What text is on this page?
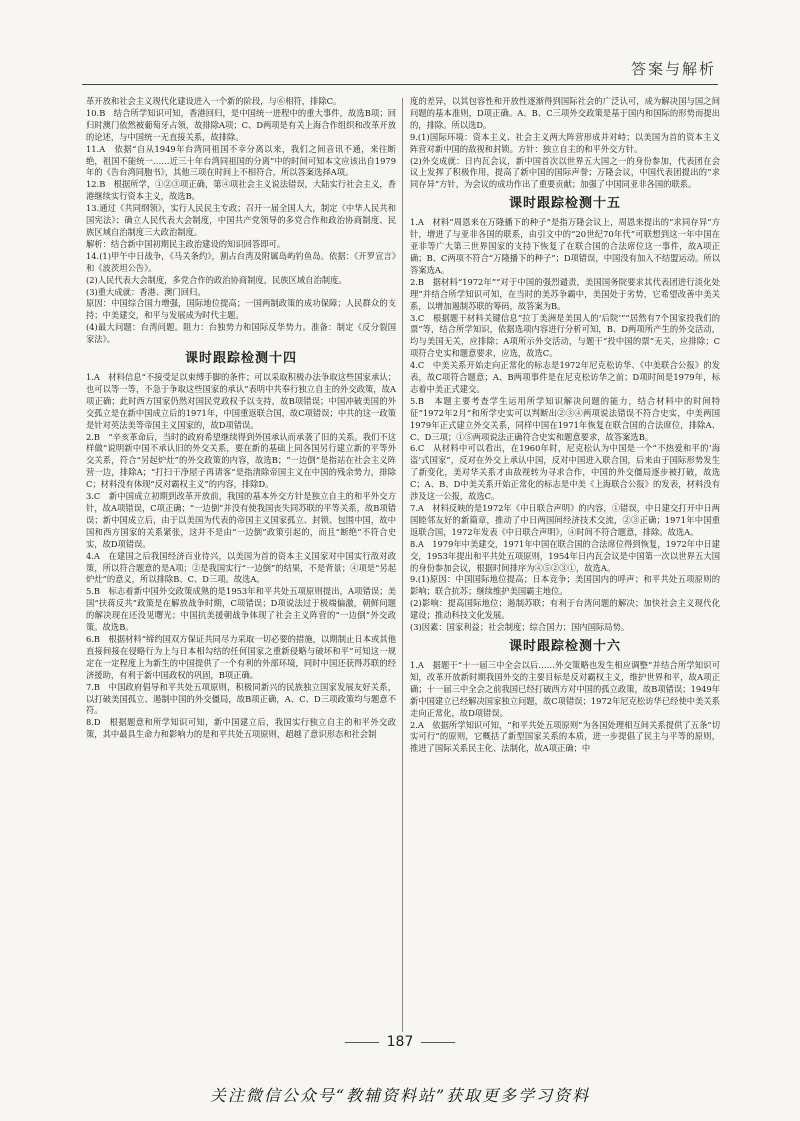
答案与解析
革开放和社会主义现代化建设进入一个新的阶段，与⑥相符，排除C。
10.B　结合所学知识可知，香港回归，是中国统一进程中的重大事件，故选B项；回归时澳门依然被葡萄牙占领，故排除A项；C、D两项是有关上海合作组织和改革开放的论述，与中国统一无直接关系，故排除。
11.A　依据“自从1949年台湾同祖国不幸分离以来，我们之间音讯不通，来往断绝，祖国不能统一……近三十年台湾同祖国的分离”中的时间可知本文应该出自1979年的《告台湾同胞书》，其他三项在时间上不相符合，所以答案选择A项。
12.B　根据所学，①②③项正确，第④项社会主义说法错误，大陆实行社会主义，香港继续实行资本主义，故选B。
13.通过《共同纲领》，实行人民民主专政；召开一届全国人大，制定《中华人民共和国宪法》；确立人民代表大会制度，中国共产党领导的多党合作和政治协商制度、民族区域自治制度三大政治制度。
解析：结合新中国初期民主政治建设的知识回答即可。
14.(1)甲午中日战争，《马关条约》，割占台湾及附属岛屿钓鱼岛。依据：《开罗宣言》和《波茨坦公告》。
(2)人民代表大会制度，多党合作的政治协商制度，民族区域自治制度。
(3)重大成就：香港、澳门回归。
原因：中国综合国力增强，国际地位提高；一国两制政策的成功保障；人民群众的支持；中美建交，和平与发展成为时代主题。
(4)最大问题：台湾问题。阻力：台独势力和国际反华势力。准备：制定《反分裂国家法》。
课时跟踪检测十四
1.A　材料信息“不接受足以束缚手脚的条件；可以采取积极办法争取这些国家承认；也可以等一等，不急于争取这些国家的承认”表明中共奉行独立自主的外交政策，故A项正确；此时西方国家仍然对国民党政权予以支持，故B项错误；中国冲破美国的外交孤立是在新中国成立后的1971年，中国重返联合国，故C项错误；中共的这一政策是针对英法美等帝国主义国家的，故D项错误。
2.B　“辛亥革命后，当时的政府希望继续得到外国承认而承袭了旧的关系。我们不这样做”说明新中国不承认旧的外交关系，要在新的基础上同各国另行建立新的平等外交关系，符合“另起炉灶”的外交政策的内容，故选B；“一边倒”是指站在社会主义阵营一边，排除A；“打扫干净屋子再请客”是指清除帝国主义在中国的残余势力，排除C；材料没有体现“反对霸权主义”的内容，排除D。
3.C　新中国成立初期到改革开放前，我国的基本外交方针是独立自主的和平外交方针，故A项错误，C项正确；“一边倒”并没有使我国丧失同苏联的平等关系，故B项错误；新中国成立后，由于以美国为代表的帝国主义国家孤立、封锁、包围中国，故中国和西方国家的关系紧张，这并不是由“一边倒”政策引起的，而且“断绝”不符合史实，故D项错误。
4.A　在建国之后我国经济百业待兴，以美国为首的资本主义国家对中国实行敌对政策，所以符合题意的是A项；②是我国实行“一边倒”的结果，不是背景；④项是“另起炉灶”的意义，所以排除B、C、D三项。故选A。
5.B　标志着新中国外交政策成熟的是1953年和平共处五项原则提出，A项错误；美国“扶蒋反共”政策是在解放战争时期，C项错误；D项说法过于极端偏激，朝鲜问题的解决现在还没见曙光；中国抗美援朝战争体现了社会主义阵营的“一边倒”外交政策。故选B。
6.B　根据材料“缔约国双方保证共同尽力采取一切必要的措施，以期制止日本或其他直接间接在侵略行为上与日本相勾结的任何国家之重新侵略与破坏和平”可知这一规定在一定程度上为新生的中国提供了一个有利的外部环境，同时中国还获得苏联的经济援助，有利于新中国政权的巩固，B项正确。
7.B　中国政府倡导和平共处五项原则，积极同新兴的民族独立国家发展友好关系，以打破美国孤立、遏制中国的外交僵局，故B项正确，A、C、D三项政策均与题意不符。
8.D　根据题意和所学知识可知，新中国建立后，我国实行独立自主的和平外交政策，其中最具生命力和影响力的是和平共处五项原则，超越了意识形态和社会制
度的差异，以其包容性和开放性逐渐得到国际社会的广泛认可，成为解决国与国之间问题的基本准则，D项正确。A、B、C三项外交政策是基于国内和国际的形势而提出的，排除。所以选D。
9.(1)国际环境：资本主义、社会主义两大阵营形成并对峙；以美国为首的资本主义阵营对新中国的敌视和封锁。方针：独立自主的和平外交方针。
(2)外交成就：日内瓦会议，新中国首次以世界五大国之一的身份参加，代表团在会议上发挥了积极作用，提高了新中国的国际声誉；万隆会议，中国代表团提出的“求同存异”方针，为会议的成功作出了重要贡献；加强了中国同亚非各国的联系。
课时跟踪检测十五
1.A　材料“周恩来在万隆播下的种子”是指万隆会议上，周恩来提出的“求同存异”方针，增进了与亚非各国的联系，由引文中的“20世纪70年代”可联想到这一年中国在亚非等广大第三世界国家的支持下恢复了在联合国的合法席位这一事件，故A项正确；B、C两项不符合“万隆播下的种子”；D项错误，中国没有加入不结盟运动。所以答案选A。
2.B　据材料“1972年”“对于中国的强烈谴责，美国国务院要求其代表团进行淡化处理”并结合所学知识可知，在当时的美苏争霸中，美国处于劣势，它希望改善中美关系，以增加遏制苏联的筹码，故答案为B。
3.C　根据题干材料关键信息“拉丁美洲是美国人的‘后院’”“居然有7个国家投我们的票”等，结合所学知识，依据选项内容进行分析可知，B、D两项所产生的外交活动，均与美国无关，应排除；A项所示外交活动，与题干“投中国的票”无关，应排除；C项符合史实和题意要求，应选，故选C。
4.C　中美关系开始走向正常化的标志是1972年尼克松访华、《中美联合公报》的发表，故C项符合题意；A、B两项事件是在尼克松访华之前；D项时间是1979年，标志着中美正式建交。
5.B　本题主要考查学生运用所学知识解决问题的能力，结合材料中的时间特征“1972年2月”和所学史实可以判断出②③④两项说法错误不符合史实，中美两国1979年正式建立外交关系，同样中国在1971年恢复在联合国的合法席位，排除A、C、D三项；①⑤两项说法正确符合史实和题意要求，故答案选B。
6.C　从材料中可以看出，在1960年时，尼克松认为中国是一个“不热爱和平的‘海盗’式国家”，反对在外交上承认中国，反对中国进入联合国，后来由于国际形势发生了新变化，美对华关系才由敌视转为寻求合作，中国的外交僵局逐步被打破，故选C；A、B、D中美关系开始正常化的标志是中美《上海联合公报》的发表，材料没有涉及这一公报，故选C。
7.A　材料反映的是1972年《中日联合声明》的内容，①错误，中日建交打开中日两国睦邻友好的新篇章，推动了中日两国间经济技术交流，②③正确；1971年中国重返联合国，1972年发表《中日联合声明》，④时间不符合题意，排除。故选A。
8.A　1979年中美建交，1971年中国在联合国的合法席位得到恢复，1972年中日建交，1953年提出和平共处五项原则，1954年日内瓦会议是中国第一次以世界五大国的身份参加会议，根据时间排序为④⑤②③①，故选A。
9.(1)原因：中国国际地位提高；日本竞争；美国国内的呼声；和平共处五项原则的影响；联合抗苏；继续维护美国霸主地位。
(2)影响：提高国际地位；遏制苏联；有利于台湾问题的解决；加快社会主义现代化建设；推动科技文化发展。
(3)因素：国家利益；社会制度；综合国力；国内国际局势。
课时跟踪检测十六
1.A　据题干“十一届三中全会以后……外交策略也发生相应调整”并结合所学知识可知，改革开放新时期我国外交的主要目标是反对霸权主义，维护世界和平，故A项正确；十一届三中全会之前我国已经打破西方对中国的孤立政策，故B项错误；1949年新中国建立已经解决国家独立问题，故C项错误；1972年尼克松访华已经使中美关系走向正常化，故D项错误。
2.A　依据所学知识可知，“和平共处五项原则”为各国处理相互间关系提供了五条“切实可行”的原则，它概括了新型国家关系的本质，进一步提倡了民主与平等的原则，推进了国际关系民主化、法制化，故A项正确；中
187
关注微信公众号“教辅资料站”获取更多学习资料
